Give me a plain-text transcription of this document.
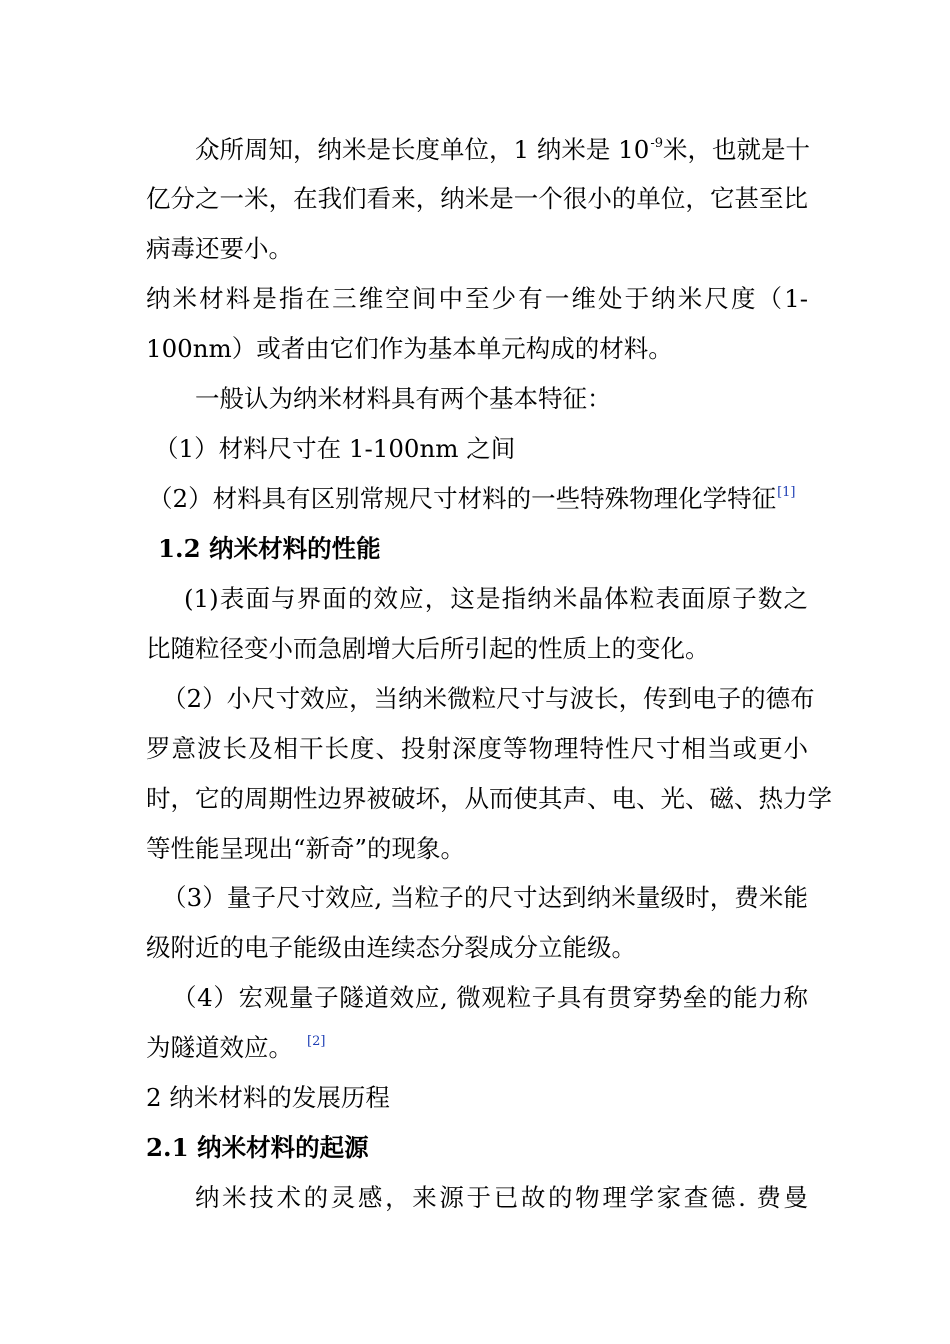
众所周知，纳米是长度单位，1 纳米是 $10^{-9}$米，也就是十
亿分之一米，在我们看来，纳米是一个很小的单位，它甚至比
病毒还要小。
纳米材料是指在三维空间中至少有一维处于纳米尺度（1-
100nm）或者由它们作为基本单元构成的材料。
一般认为纳米材料具有两个基本特征：
（1）材料尺寸在 1-100nm 之间
（2）材料具有区别常规尺寸材料的一些特殊物理化学特征[1]
1.2 纳米材料的性能
(1)表面与界面的效应，这是指纳米晶体粒表面原子数之
比随粒径变小而急剧增大后所引起的性质上的变化。
（2）小尺寸效应，当纳米微粒尺寸与波长，传到电子的德布
罗意波长及相干长度、投射深度等物理特性尺寸相当或更小
时，它的周期性边界被破坏，从而使其声、电、光、磁、热力学
等性能呈现出“新奇”的现象。
（3）量子尺寸效应, 当粒子的尺寸达到纳米量级时，费米能
级附近的电子能级由连续态分裂成分立能级。
（4）宏观量子隧道效应, 微观粒子具有贯穿势垒的能力称
为隧道效应。 [2]
2 纳米材料的发展历程
2.1 纳米材料的起源
纳米技术的灵感，来源于已故的物理学家查德. 费曼
